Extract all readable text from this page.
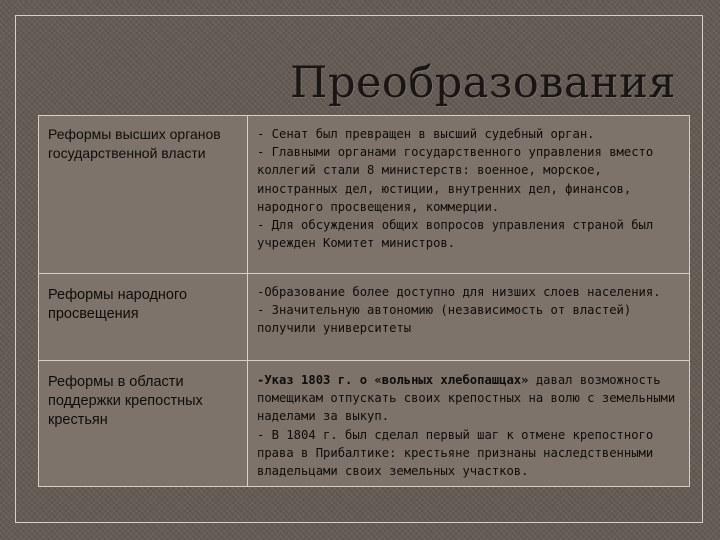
Преобразования
Реформы высших органов государственной власти	- Сенат был превращен в высший судебный орган.
- Главными органами государственного управления вместо коллегий стали 8 министерств: военное, морское, иностранных дел, юстиции, внутренних дел, финансов, народного просвещения, коммерции.
- Для обсуждения общих вопросов управления страной был учрежден Комитет министров.

Реформы народного просвещения	-Образование более доступно для низших слоев населения.
- Значительную автономию (независимость от властей) получили университеты

Реформы в области поддержки крепостных крестьян	-Указ 1803 г. о «вольных хлебопашцах» давал возможность помещикам отпускать своих крепостных на волю с земельными наделами за выкуп.
- В 1804 г. был сделал первый шаг к отмене крепостного права в Прибалтике: крестьяне признаны наследственными владельцами своих земельных участков.
